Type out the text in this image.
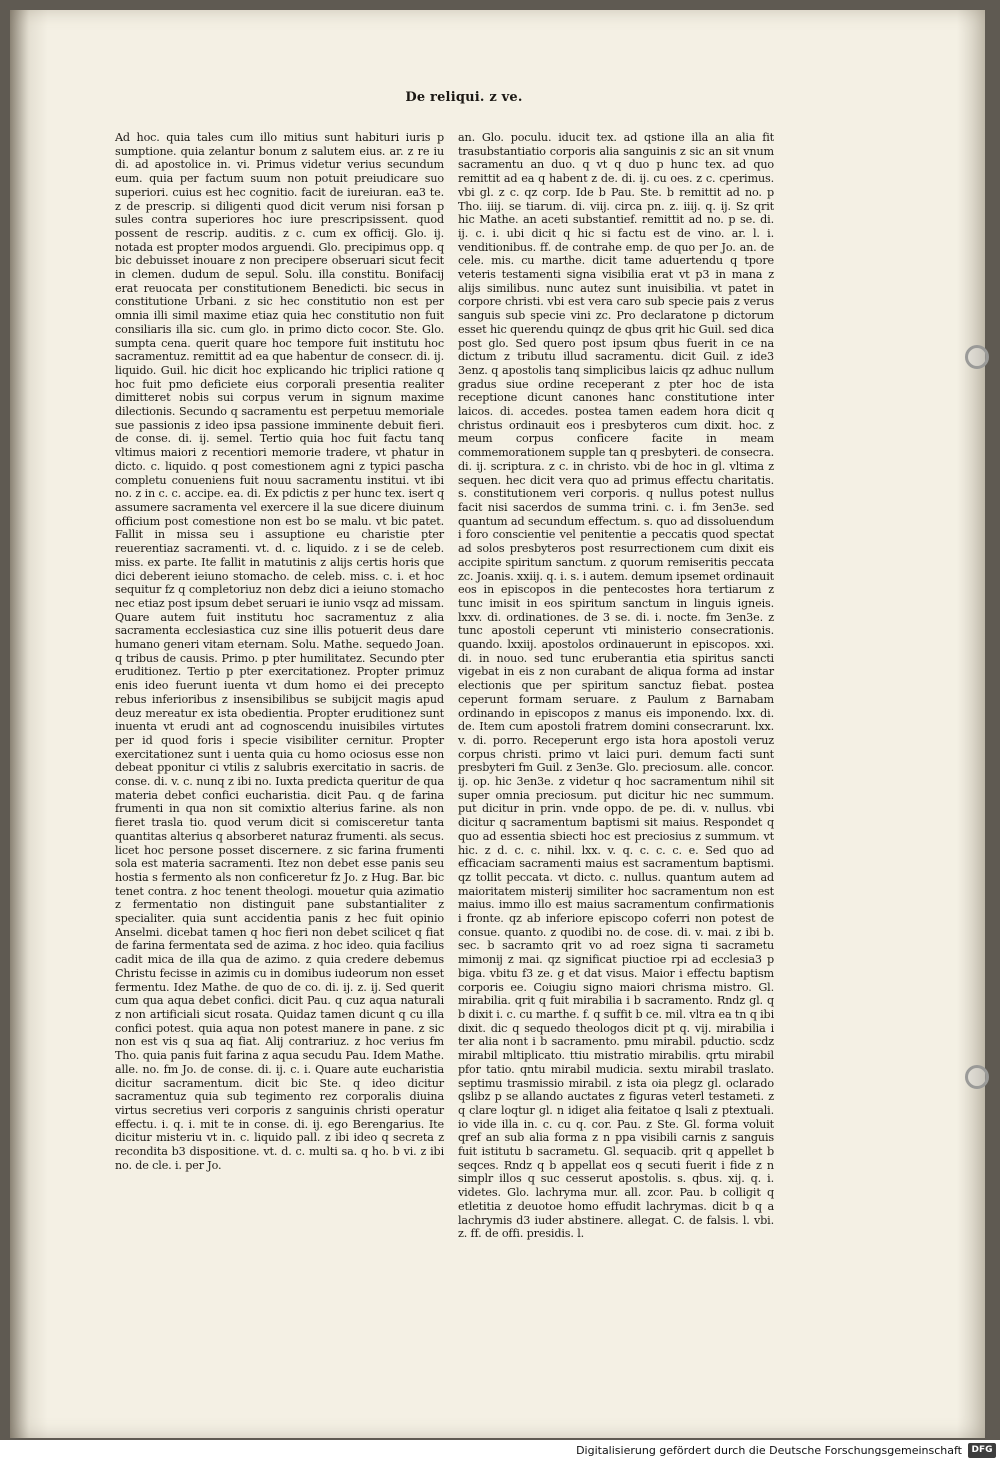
De reliqui. z ve.

Ad hoc. quia tales cum illo mitius sunt habituri iuris p sumptione. quia zelantur bonum z salutem eius. ar. z re iu di. ad apostolice in. vi. Primus videtur verius secundum eum. quia per factum suum non potuit preiudicare suo superiori. cuius est hec cognitio. facit de iureiuran. ea3 te. z de prescrip. si diligenti quod dicit verum nisi forsan p sules contra superiores hoc iure prescripsissent. quod possent de rescrip. auditis. z c. cum ex officij. Glo. ij. notada est propter modos arguendi. Glo. precipimus opp. q bic debuisset inouare z non precipere obseruari sicut fecit in clemen. dudum de sepul. Solu. illa constitu. Bonifacij erat reuocata per constitutionem Benedicti. bic secus in constitutione Urbani. z sic hec constitutio non est per omnia illi simil maxime etiaz quia hec constitutio non fuit consiliaris illa sic. cum glo. in primo dicto cocor. Ste. Glo. sumpta cena. querit quare hoc tempore fuit institutu hoc sacramentuz. remittit ad ea que habentur de consecr. di. ij. liquido. Guil. hic dicit hoc explicando hic triplici ratione q hoc fuit pmo deficiete eius corporali presentia realiter dimitteret nobis sui corpus verum in signum maxime dilectionis. Secundo q sacramentu est perpetuu memoriale sue passionis z ideo ipsa passione imminente debuit fieri. de conse. di. ij. semel. Tertio quia hoc fuit factu tanq vltimus maiori z recentiori memorie tradere, vt phatur in dicto. c. liquido. q post comestionem agni z typici pascha completu conueniens fuit nouu sacramentu institui. vt ibi no. z in c. c. accipe. ea. di. Ex pdictis z per hunc tex. isert q assumere sacramenta vel exercere il la sue dicere diuinum officium post comestione non est bo se malu. vt bic patet. Fallit in missa seu i assuptione eu charistie pter reuerentiaz sacramenti. vt. d. c. liquido. z i se de celeb. miss. ex parte. Ite fallit in matutinis z alijs certis horis que dici deberent ieiuno stomacho. de celeb. miss. c. i. et hoc sequitur fz q completoriuz non debz dici a ieiuno stomacho nec etiaz post ipsum debet seruari ie iunio vsqz ad missam. Quare autem fuit institutu hoc sacramentuz z alia sacramenta ecclesiastica cuz sine illis potuerit deus dare humano generi vitam eternam. Solu. Mathe. sequedo Joan. q tribus de causis. Primo. p pter humilitatez. Secundo pter eruditionez. Tertio p pter exercitationez. Propter primuz enis ideo fuerunt iuenta vt dum homo ei dei precepto rebus inferioribus z insensibilibus se subijcit magis apud deuz mereatur ex ista obedientia. Propter eruditionez sunt inuenta vt erudi ant ad cognoscendu inuisibiles virtutes per id quod foris i specie visibiliter cernitur. Propter exercitationez sunt i uenta quia cu homo ociosus esse non debeat pponitur ci vtilis z salubris exercitatio in sacris. de conse. di. v. c. nunq z ibi no. Iuxta predicta queritur de qua materia debet confici eucharistia. dicit Pau. q de farina frumenti in qua non sit comixtio alterius farine. als non fieret trasla tio. quod verum dicit si comisceretur tanta quantitas alterius q absorberet naturaz frumenti. als secus. licet hoc persone posset discernere. z sic farina frumenti sola est materia sacramenti. Itez non debet esse panis seu hostia s fermento als non conficeretur fz Jo. z Hug. Bar. bic tenet contra. z hoc tenent theologi. mouetur quia azimatio z fermentatio non distinguit pane substantialiter z specialiter. quia sunt accidentia panis z hec fuit opinio Anselmi. dicebat tamen q hoc fieri non debet scilicet q fiat de farina fermentata sed de azima. z hoc ideo. quia facilius cadit mica de illa qua de azimo. z quia credere debemus Christu fecisse in azimis cu in domibus iudeorum non esset fermentu. Idez Mathe. de quo de co. di. ij. z. ij. Sed querit cum qua aqua debet confici. dicit Pau. q cuz aqua naturali z non artificiali sicut rosata. Quidaz tamen dicunt q cu illa confici potest. quia aqua non potest manere in pane. z sic non est vis q sua aq fiat. Alij contrariuz. z hoc verius fm Tho. quia panis fuit farina z aqua secudu Pau. Idem Mathe. alle. no. fm Jo. de conse. di. ij. c. i. Quare aute eucharistia dicitur sacramentum. dicit bic Ste. q ideo dicitur sacramentuz quia sub tegimento rez corporalis diuina virtus secretius veri corporis z sanguinis christi operatur effectu. i. q. i. mit te in conse. di. ij. ego Berengarius. Ite dicitur misteriu vt in. c. liquido pall. z ibi ideo q secreta z recondita b3 dispositione. vt. d. c. multi sa. q ho. b vi. z ibi no. de cle. i. per Jo.

an. Glo. poculu. iducit tex. ad qstione illa an alia fit trasubstantiatio corporis alia sanguinis z sic an sit vnum sacramentu an duo. q vt q duo p hunc tex. ad quo remittit ad ea q habent z de. di. ij. cu oes. z c. cperimus. vbi gl. z c. qz corp. Ide b Pau. Ste. b remittit ad no. p Tho. iiij. se tiarum. di. viij. circa pn. z. iiij. q. ij. Sz qrit hic Mathe. an aceti substantief. remittit ad no. p se. di. ij. c. i. ubi dicit q hic si factu est de vino. ar. l. i. venditionibus. ff. de contrahe emp. de quo per Jo. an. de cele. mis. cu marthe. dicit tame aduertendu q tpore veteris testamenti signa visibilia erat vt p3 in mana z alijs similibus. nunc autez sunt inuisibilia. vt patet in corpore christi. vbi est vera caro sub specie pais z verus sanguis sub specie vini zc. Pro declaratone p dictorum esset hic querendu quinqz de qbus qrit hic Guil. sed dica post glo. Sed quero post ipsum qbus fuerit in ce na dictum z tributu illud sacramentu. dicit Guil. z ide3 3enz. q apostolis tanq simplicibus laicis qz adhuc nullum gradus siue ordine receperant z pter hoc de ista receptione dicunt canones hanc constitutione inter laicos. di. accedes. postea tamen eadem hora dicit q christus ordinauit eos i presbyteros cum dixit. hoc. z meum corpus conficere facite in meam commemorationem supple tan q presbyteri. de consecra. di. ij. scriptura. z c. in christo. vbi de hoc in gl. vltima z sequen. hec dicit vera quo ad primus effectu charitatis. s. constitutionem veri corporis. q nullus potest nullus facit nisi sacerdos de summa trini. c. i. fm 3en3e. sed quantum ad secundum effectum. s. quo ad dissoluendum i foro conscientie vel penitentie a peccatis quod spectat ad solos presbyteros post resurrectionem cum dixit eis accipite spiritum sanctum. z quorum remiseritis peccata zc. Joanis. xxiij. q. i. s. i autem. demum ipsemet ordinauit eos in episcopos in die pentecostes hora tertiarum z tunc imisit in eos spiritum sanctum in linguis igneis. lxxv. di. ordinationes. de 3 se. di. i. nocte. fm 3en3e. z tunc apostoli ceperunt vti ministerio consecrationis. quando. lxxiij. apostolos ordinauerunt in episcopos. xxi. di. in nouo. sed tunc eruberantia etia spiritus sancti vigebat in eis z non curabant de aliqua forma ad instar electionis que per spiritum sanctuz fiebat. postea ceperunt formam seruare. z Paulum z Barnabam ordinando in episcopos z manus eis imponendo. lxx. di. de. Item cum apostoli fratrem domini consecrarunt. lxx. v. di. porro. Receperunt ergo ista hora apostoli veruz corpus christi. primo vt laici puri. demum facti sunt presbyteri fm Guil. z 3en3e. Glo. preciosum. alle. concor. ij. op. hic 3en3e. z videtur q hoc sacramentum nihil sit super omnia preciosum. put dicitur hic nec summum. put dicitur in prin. vnde oppo. de pe. di. v. nullus. vbi dicitur q sacramentum baptismi sit maius. Respondet q quo ad essentia sbiecti hoc est preciosius z summum. vt hic. z d. c. c. nihil. lxx. v. q. c. c. c. e. Sed quo ad efficaciam sacramenti maius est sacramentum baptismi. qz tollit peccata. vt dicto. c. nullus. quantum autem ad maioritatem misterij similiter hoc sacramentum non est maius. immo illo est maius sacramentum confirmationis i fronte. qz ab inferiore episcopo coferri non potest de consue. quanto. z quodibi no. de cose. di. v. mai. z ibi b. sec. b sacramto qrit vo ad roez signa ti sacrametu mimonij z mai. qz significat piuctioe rpi ad ecclesia3 p biga. vbitu f3 ze. g et dat visus. Maior i effectu baptism corporis ee. Coiugiu signo maiori chrisma mistro. Gl. mirabilia. qrit q fuit mirabilia i b sacramento. Rndz gl. q b dixit i. c. cu marthe. f. q suffit b ce. mil. vltra ea tn q ibi dixit. dic q sequedo theologos dicit pt q. vij. mirabilia i ter alia nont i b sacramento. pmu mirabil. pductio. scdz mirabil mltiplicato. ttiu mistratio mirabilis. qrtu mirabil pfor tatio. qntu mirabil mudicia. sextu mirabil traslato. septimu trasmissio mirabil. z ista oia plegz gl. oclarado qslibz p se allando auctates z figuras veterl testameti. z q clare loqtur gl. n idiget alia feitatoe q lsali z ptextuali. io vide illa in. c. cu q. cor. Pau. z Ste. Gl. forma voluit qref an sub alia forma z n ppa visibili carnis z sanguis fuit istitutu b sacrametu. Gl. sequacib. qrit q appellet b seqces. Rndz q b appellat eos q secuti fuerit i fide z n simplr illos q suc cesserut apostolis. s. qbus. xij. q. i. videtes. Glo. lachryma mur. all. zcor. Pau. b colligit q etletitia z deuotoe homo effudit lachrymas. dicit b q a lachrymis d3 iuder abstinere. allegat. C. de falsis. l. vbi. z. ff. de offi. presidis. l.

Digitalisierung gefördert durch die Deutsche Forschungsgemeinschaft	DFG
